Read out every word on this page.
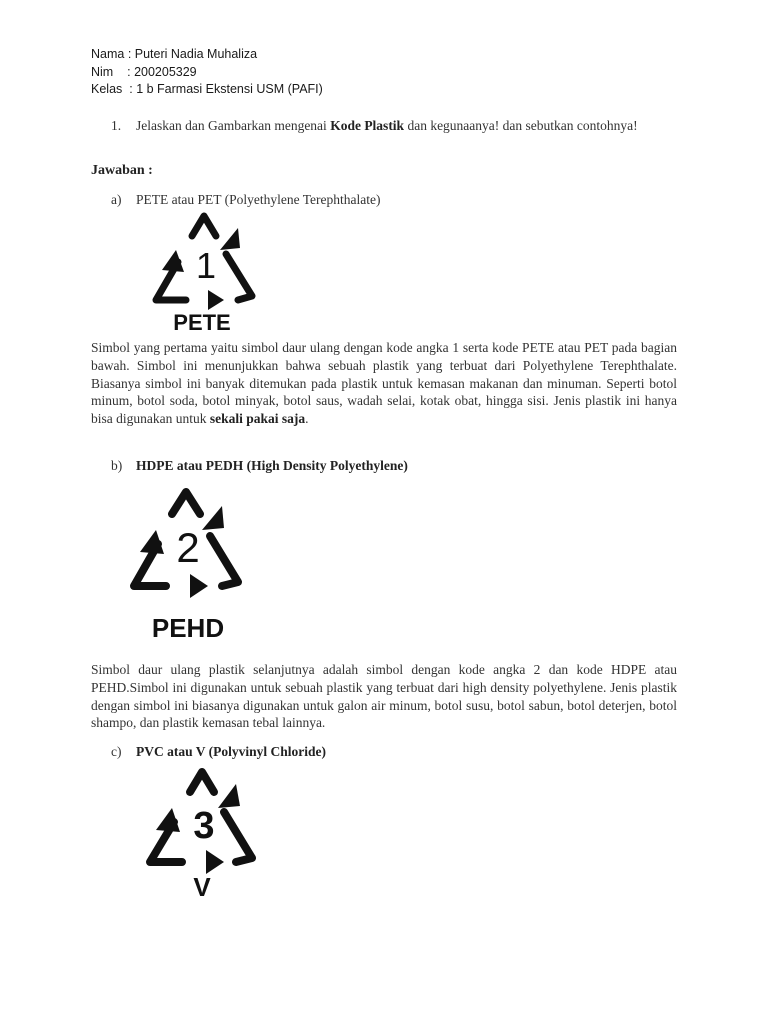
Nama : Puteri Nadia Muhaliza
Nim    : 200205329
Kelas  : 1 b Farmasi Ekstensi USM (PAFI)
1. Jelaskan dan Gambarkan mengenai Kode Plastik dan kegunaanya! dan sebutkan contohnya!
Jawaban :
a) PETE atau PET (Polyethylene Terephthalate)
1
PETE
Simbol yang pertama yaitu simbol daur ulang dengan kode angka 1 serta kode PETE atau PET pada bagian bawah. Simbol ini menunjukkan bahwa sebuah plastik yang terbuat dari Polyethylene Terephthalate. Biasanya simbol ini banyak ditemukan pada plastik untuk kemasan makanan dan minuman. Seperti botol minum, botol soda, botol minyak, botol saus, wadah selai, kotak obat, hingga sisi. Jenis plastik ini hanya bisa digunakan untuk sekali pakai saja.
b) HDPE atau PEDH (High Density Polyethylene)
2
PEHD
Simbol daur ulang plastik selanjutnya adalah simbol dengan kode angka 2 dan kode HDPE atau PEHD.Simbol ini digunakan untuk sebuah plastik yang terbuat dari high density polyethylene. Jenis plastik dengan simbol ini biasanya digunakan untuk galon air minum, botol susu, botol sabun, botol deterjen, botol shampo, dan plastik kemasan tebal lainnya.
c) PVC atau V (Polyvinyl Chloride)
3
V
